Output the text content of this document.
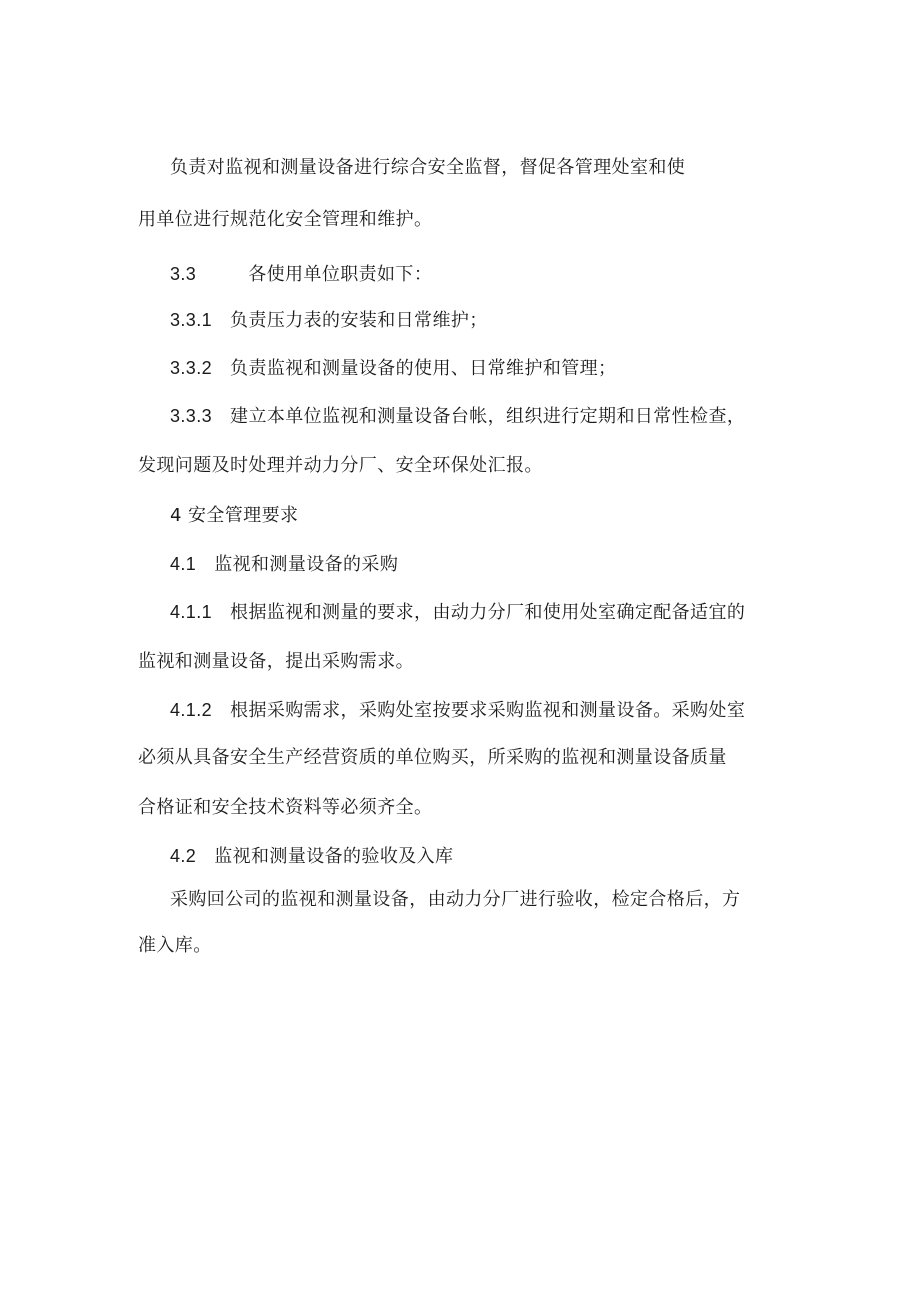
负责对监视和测量设备进行综合安全监督，督促各管理处室和使
用单位进行规范化安全管理和维护。
3.3	各使用单位职责如下：
3.3.1 负责压力表的安装和日常维护；
3.3.2 负责监视和测量设备的使用、日常维护和管理；
3.3.3 建立本单位监视和测量设备台帐，组织进行定期和日常性检查，
发现问题及时处理并动力分厂、安全环保处汇报。
4 安全管理要求
4.1 监视和测量设备的采购
4.1.1 根据监视和测量的要求，由动力分厂和使用处室确定配备适宜的
监视和测量设备，提出采购需求。
4.1.2 根据采购需求，采购处室按要求采购监视和测量设备。采购处室
必须从具备安全生产经营资质的单位购买，所采购的监视和测量设备质量
合格证和安全技术资料等必须齐全。
4.2 监视和测量设备的验收及入库
采购回公司的监视和测量设备，由动力分厂进行验收，检定合格后，方
准入库。
